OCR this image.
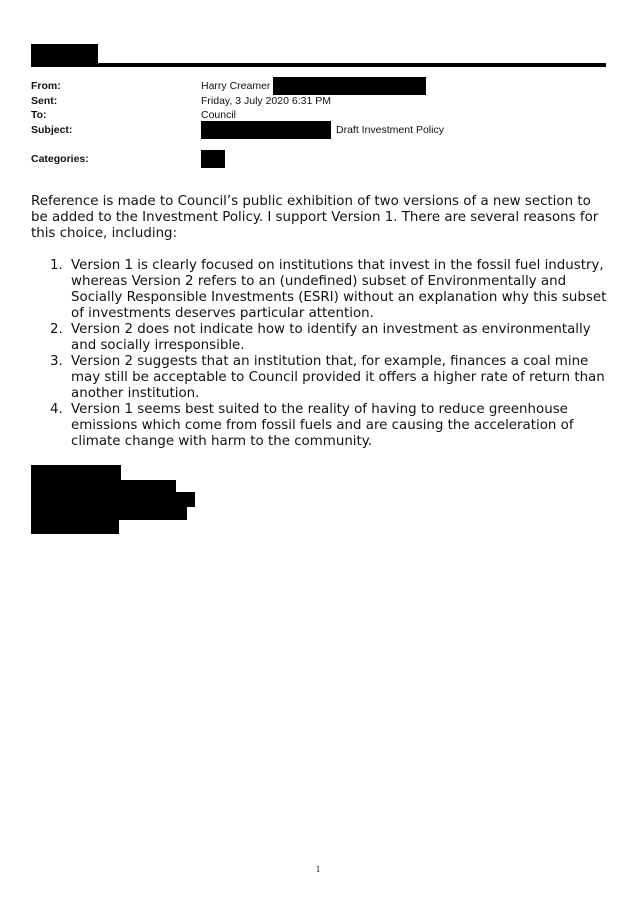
From:	Harry Creamer
Sent:	Friday, 3 July 2020 6:31 PM
To:	Council
Subject:	Draft Investment Policy
Categories:

Reference is made to Council’s public exhibition of two versions of a new section to be added to the Investment Policy. I support Version 1. There are several reasons for this choice, including:

1. Version 1 is clearly focused on institutions that invest in the fossil fuel industry, whereas Version 2 refers to an (undefined) subset of Environmentally and Socially Responsible Investments (ESRI) without an explanation why this subset of investments deserves particular attention.
2. Version 2 does not indicate how to identify an investment as environmentally and socially irresponsible.
3. Version 2 suggests that an institution that, for example, finances a coal mine may still be acceptable to Council provided it offers a higher rate of return than another institution.
4. Version 1 seems best suited to the reality of having to reduce greenhouse emissions which come from fossil fuels and are causing the acceleration of climate change with harm to the community.
1
